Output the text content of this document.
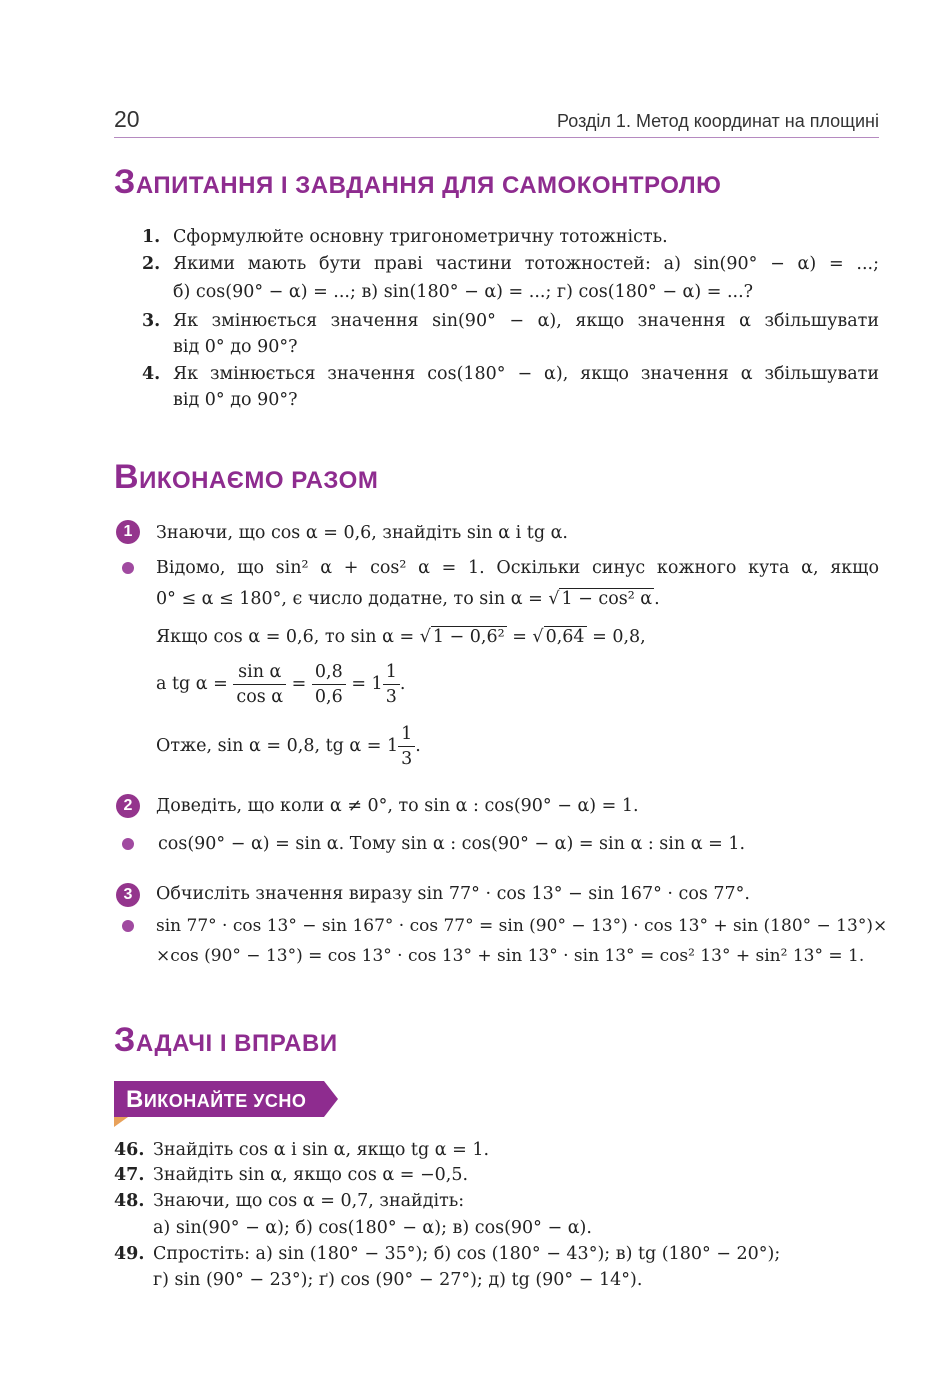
20	Розділ 1. Метод координат на площині
ЗАПИТАННЯ І ЗАВДАННЯ ДЛЯ САМОКОНТРОЛЮ
1. Сформулюйте основну тригонометричну тотожність.
2. Якими мають бути праві частини тотожностей: а) sin(90° − α) = ...;
б) cos(90° − α) = ...; в) sin(180° − α) = ...; г) cos(180° − α) = ...?
3. Як змінюється значення sin(90° − α), якщо значення α збільшувати
від 0° до 90°?
4. Як змінюється значення cos(180° − α), якщо значення α збільшувати
від 0° до 90°?
ВИКОНАЄМО РАЗОМ
1	Знаючи, що cos α = 0,6, знайдіть sin α і tg α.
Відомо, що sin² α + cos² α = 1. Оскільки синус кожного кута α, якщо
0° ≤ α ≤ 180°, є число додатне, то sin α = √ 1 − cos² α .
Якщо cos α = 0,6, то sin α = √ 1 − 0,6² = √ 0,64 = 0,8,
а tg $\alpha = \frac{\text{sin α}}{\text{cos α}} = \frac{0,8}{0,6} = 1 \frac{1}{3}$ .
Отже, sin α = 0,8, tg $\alpha = 1 \frac{1}{3}$ .
2	Доведіть, що коли α ≠ 0°, то sin α : cos(90° − α) = 1.
cos(90° − α) = sin α. Тому sin α : cos(90° − α) = sin α : sin α = 1.
3	Обчисліть значення виразу sin 77° · cos 13° − sin 167° · cos 77°.
sin 77° · cos 13° − sin 167° · cos 77° = sin (90° − 13°) · cos 13° + sin (180° − 13°)×
×cos (90° − 13°) = cos 13° · cos 13° + sin 13° · sin 13° = cos² 13° + sin² 13° = 1.
ЗАДАЧІ І ВПРАВИ
ВИКОНАЙТЕ УСНО
46. Знайдіть cos α і sin α, якщо tg α = 1.
47. Знайдіть sin α, якщо cos α = −0,5.
48. Знаючи, що cos α = 0,7, знайдіть:
а) sin(90° − α); б) cos(180° − α); в) cos(90° − α).
49. Спростіть: а) sin (180° − 35°); б) cos (180° − 43°); в) tg (180° − 20°);
г) sin (90° − 23°); ґ) cos (90° − 27°); д) tg (90° − 14°).
